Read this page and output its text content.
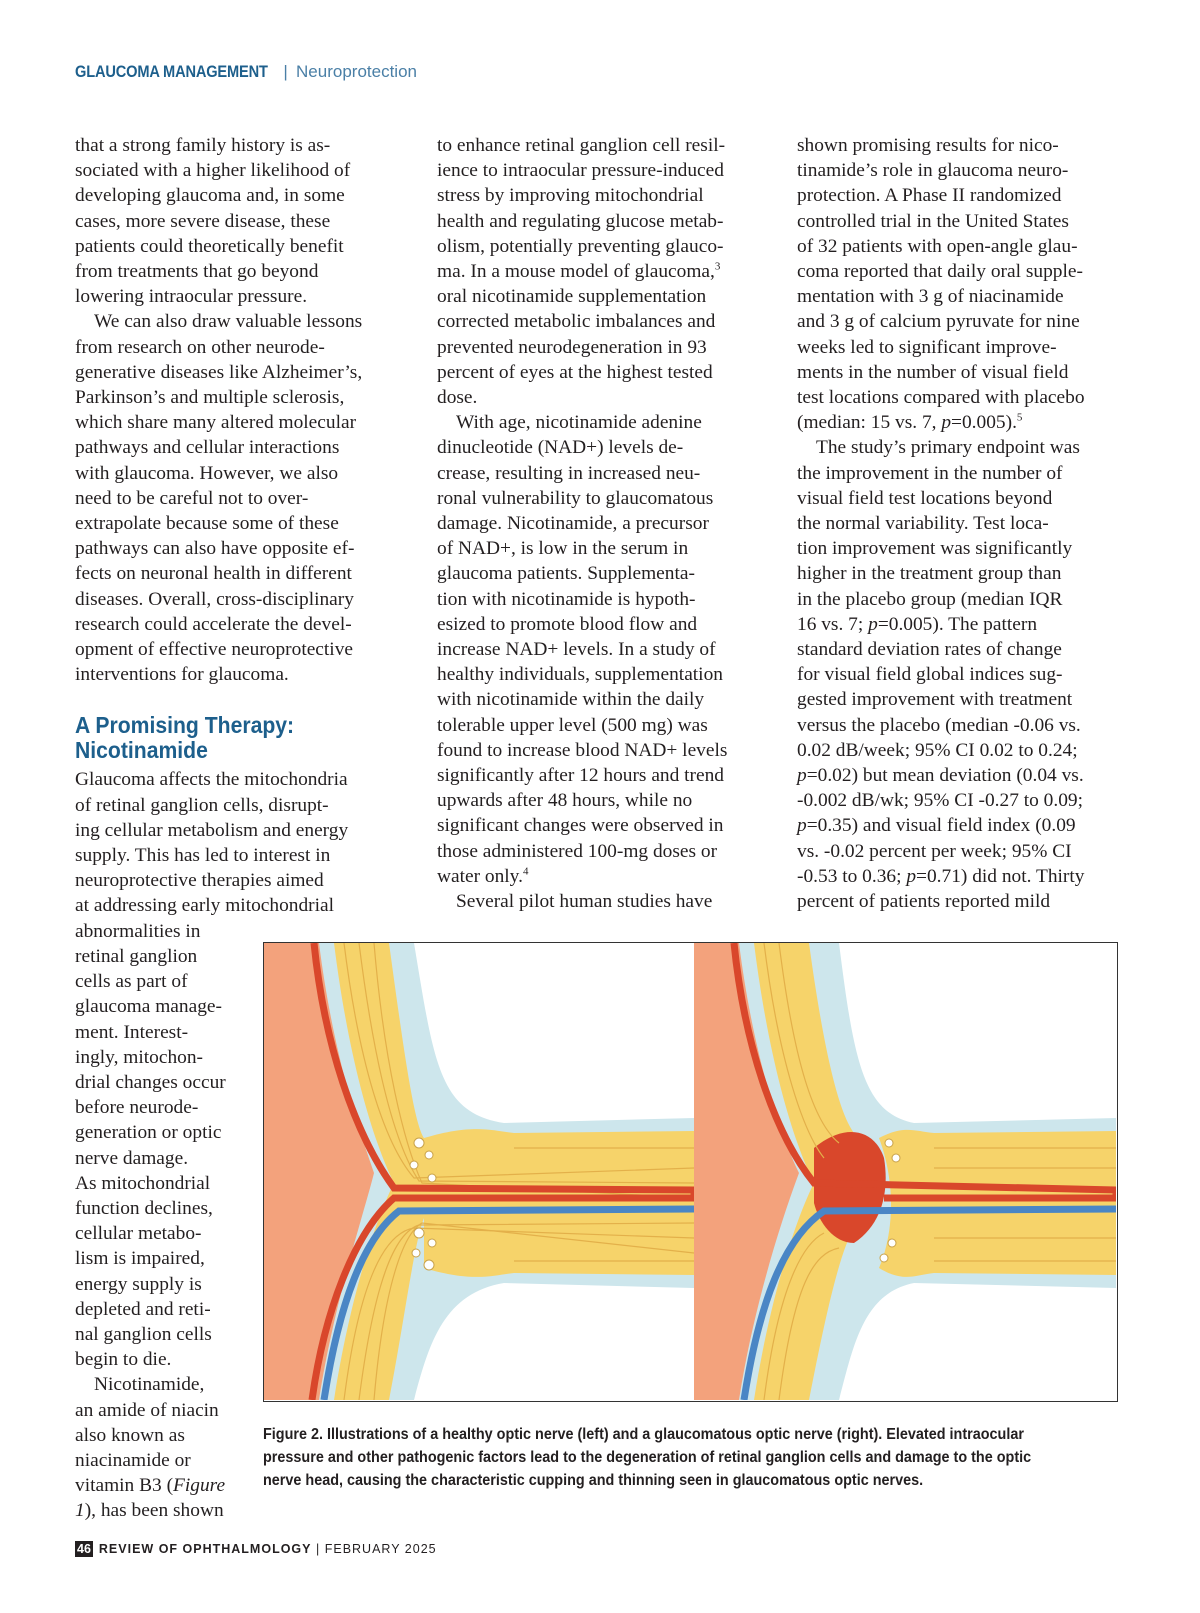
GLAUCOMA MANAGEMENT | Neuroprotection

that a strong family history is as-
sociated with a higher likelihood of
developing glaucoma and, in some
cases, more severe disease, these
patients could theoretically benefit
from treatments that go beyond
lowering intraocular pressure.
We can also draw valuable lessons
from research on other neurode-
generative diseases like Alzheimer’s,
Parkinson’s and multiple sclerosis,
which share many altered molecular
pathways and cellular interactions
with glaucoma. However, we also
need to be careful not to over-
extrapolate because some of these
pathways can also have opposite ef-
fects on neuronal health in different
diseases. Overall, cross-disciplinary
research could accelerate the devel-
opment of effective neuroprotective
interventions for glaucoma.

A Promising Therapy:
Nicotinamide

Glaucoma affects the mitochondria
of retinal ganglion cells, disrupt-
ing cellular metabolism and energy
supply. This has led to interest in
neuroprotective therapies aimed
at addressing early mitochondrial
abnormalities in
retinal ganglion
cells as part of
glaucoma manage-
ment. Interest-
ingly, mitochon-
drial changes occur
before neurode-
generation or optic
nerve damage.
As mitochondrial
function declines,
cellular metabo-
lism is impaired,
energy supply is
depleted and reti-
nal ganglion cells
begin to die.
Nicotinamide,
an amide of niacin
also known as
niacinamide or

vitamin B3 (Figure
1), has been shown

to enhance retinal ganglion cell resil-
ience to intraocular pressure-induced
stress by improving mitochondrial
health and regulating glucose metab-
olism, potentially preventing glauco-

ma. In a mouse model of glaucoma,$^3$

oral nicotinamide supplementation
corrected metabolic imbalances and
prevented neurodegeneration in 93
percent of eyes at the highest tested
dose.
With age, nicotinamide adenine
dinucleotide (NAD+) levels de-
crease, resulting in increased neu-
ronal vulnerability to glaucomatous
damage. Nicotinamide, a precursor
of NAD+, is low in the serum in
glaucoma patients. Supplementa-
tion with nicotinamide is hypoth-
esized to promote blood flow and
increase NAD+ levels. In a study of
healthy individuals, supplementation
with nicotinamide within the daily
tolerable upper level (500 mg) was
found to increase blood NAD+ levels
significantly after 12 hours and trend
upwards after 48 hours, while no
significant changes were observed in
those administered 100-mg doses or

water only.$^4$

Several pilot human studies have

shown promising results for nico-
tinamide’s role in glaucoma neuro-
protection. A Phase II randomized
controlled trial in the United States
of 32 patients with open-angle glau-
coma reported that daily oral supple-
mentation with 3 g of niacinamide
and 3 g of calcium pyruvate for nine
weeks led to significant improve-
ments in the number of visual field
test locations compared with placebo

(median: 15 vs. 7, p=0.005).$^5$

The study’s primary endpoint was
the improvement in the number of
visual field test locations beyond
the normal variability. Test loca-
tion improvement was significantly
higher in the treatment group than
in the placebo group (median IQR

16 vs. 7; p=0.005). The pattern

standard deviation rates of change
for visual field global indices sug-
gested improvement with treatment
versus the placebo (median -0.06 vs.
0.02 dB/week; 95% CI 0.02 to 0.24;

p=0.02) but mean deviation (0.04 vs.
-0.002 dB/wk; 95% CI -0.27 to 0.09;
p=0.35) and visual field index (0.09
vs. -0.02 percent per week; 95% CI
-0.53 to 0.36; p=0.71) did not. Thirty
percent of patients reported mild

Figure 2. Illustrations of a healthy optic nerve (left) and a glaucomatous optic nerve (right). Elevated intraocular
pressure and other pathogenic factors lead to the degeneration of retinal ganglion cells and damage to the optic
nerve head, causing the characteristic cupping and thinning seen in glaucomatous optic nerves.
46 REVIEW OF OPHTHALMOLOGY | FEBRUARY 2025
